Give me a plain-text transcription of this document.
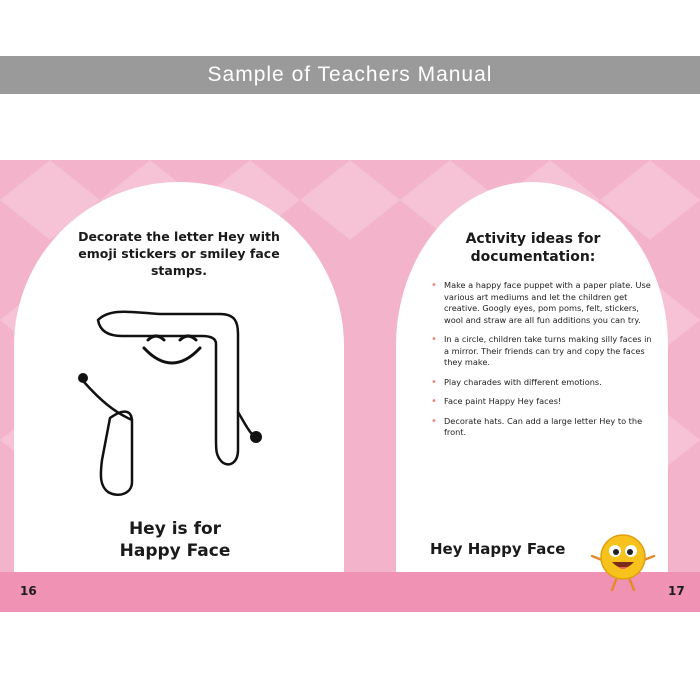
Sample of Teachers Manual
16	17
Decorate the letter Hey with emoji stickers or smiley face stamps.
Hey is for
Happy Face
Activity ideas for
documentation:
• Make a happy face puppet with a paper plate. Use various art mediums and let the children get creative. Googly eyes, pom poms, felt, stickers, wool and straw are all fun additions you can try.
• In a circle, children take turns making silly faces in a mirror. Their friends can try and copy the faces they make.
• Play charades with different emotions.
• Face paint Happy Hey faces!
• Decorate hats. Can add a large letter Hey to the front.
Hey Happy Face
